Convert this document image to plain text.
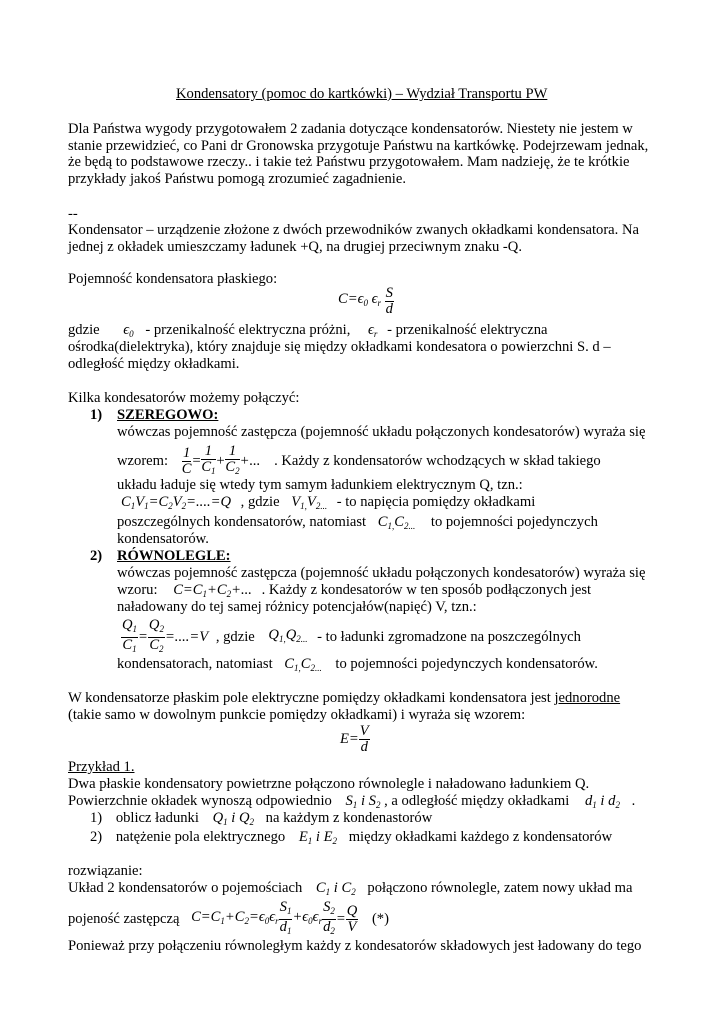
Kondensatory (pomoc do kartkówki) – Wydział Transportu PW
Dla Państwa wygody przygotowałem 2 zadania dotyczące kondensatorów. Niestety nie jestem w
stanie przewidzieć, co Pani dr Gronowska przygotuje Państwu na kartkówkę. Podejrzewam jednak,
że będą to podstawowe rzeczy.. i takie też Państwu przygotowałem. Mam nadzieję, że te krótkie
przykłady jakoś Państwu pomogą zrozumieć zagadnienie.
--
Kondensator – urządzenie złożone z dwóch przewodników zwanych okładkami kondensatora. Na
jednej z okładek umieszczamy ładunek +Q, na drugiej przeciwnym znaku -Q.
Pojemność kondensatora płaskiego:
$C=\epsilon_0$ $\epsilon_r \frac{S}{d}$
gdzie $\epsilon_0$ - przenikalność elektryczna próżni, $\epsilon_r$ - przenikalność elektryczna
ośrodka(dielektryka), który znajduje się między okładkami kondesatora o powierzchni S. d –
odległość między okładkami.
Kilka kondesatorów możemy połączyć:
1) SZEREGOWO:
wówczas pojemność zastępcza (pojemność układu połączonych kondesatorów) wyraża się
wzorem: $\frac{1}{C} = \frac{1}{C_1} + \frac{1}{C_2}$ +... . Każdy z kondensatorów wchodzących w skład takiego
układu ładuje się wtedy tym samym ładunkiem elektrycznym Q, tzn.:
$C_1V_1=C_2V_2=....=Q$ , gdzie $V_{1,}V_{2...}$ - to napięcia pomiędzy okładkami
poszczególnych kondensatorów, natomiast $C_{1,}C_{2...}$ to pojemności pojedynczych
kondensatorów.
2) RÓWNOLEGLE:
wówczas pojemność zastępcza (pojemność układu połączonych kondesatorów) wyraża się
wzoru: $C=C_1+C_2+$... . Każdy z kondesatorów w ten sposób podłączonych jest
naładowany do tej samej różnicy potencjałów(napięć) V, tzn.:
$\frac{Q_1}{C_1} = \frac{Q_2}{C_2} =....=V$ , gdzie $Q_{1,}Q_{2...}$ - to ładunki zgromadzone na poszczególnych
kondensatorach, natomiast $C_{1,}C_{2...}$ to pojemności pojedynczych kondensatorów.
W kondensatorze płaskim pole elektryczne pomiędzy okładkami kondensatora jest jednorodne
(takie samo w dowolnym punkcie pomiędzy okładkami) i wyraża się wzorem:
$E= \frac{V}{d}$
Przykład 1.
Dwa płaskie kondensatory powietrzne połączono równolegle i naładowano ładunkiem Q.
Powierzchnie okładek wynoszą odpowiednio $S_1$ i $S_2$ , a odległość między okładkami $d_1$ i $d_2$ .
1) oblicz ładunki $Q_1$ i $Q_2$ na każdym z kondenastorów
2) natężenie pola elektrycznego $E_1$ i $E_2$ między okładkami każdego z kondensatorów
rozwiązanie:
Układ 2 kondensatorów o pojemościach $C_1$ i $C_2$ połączono równolegle, zatem nowy układ ma
pojeność zastępczą $C=C_1+C_2=\epsilon_0\epsilon_r \frac{S_1}{d_1} +\epsilon_0\epsilon_r \frac{S_2}{d_2} = \frac{Q}{V}$ (*)
Ponieważ przy połączeniu równoległym każdy z kondesatorów składowych jest ładowany do tego
